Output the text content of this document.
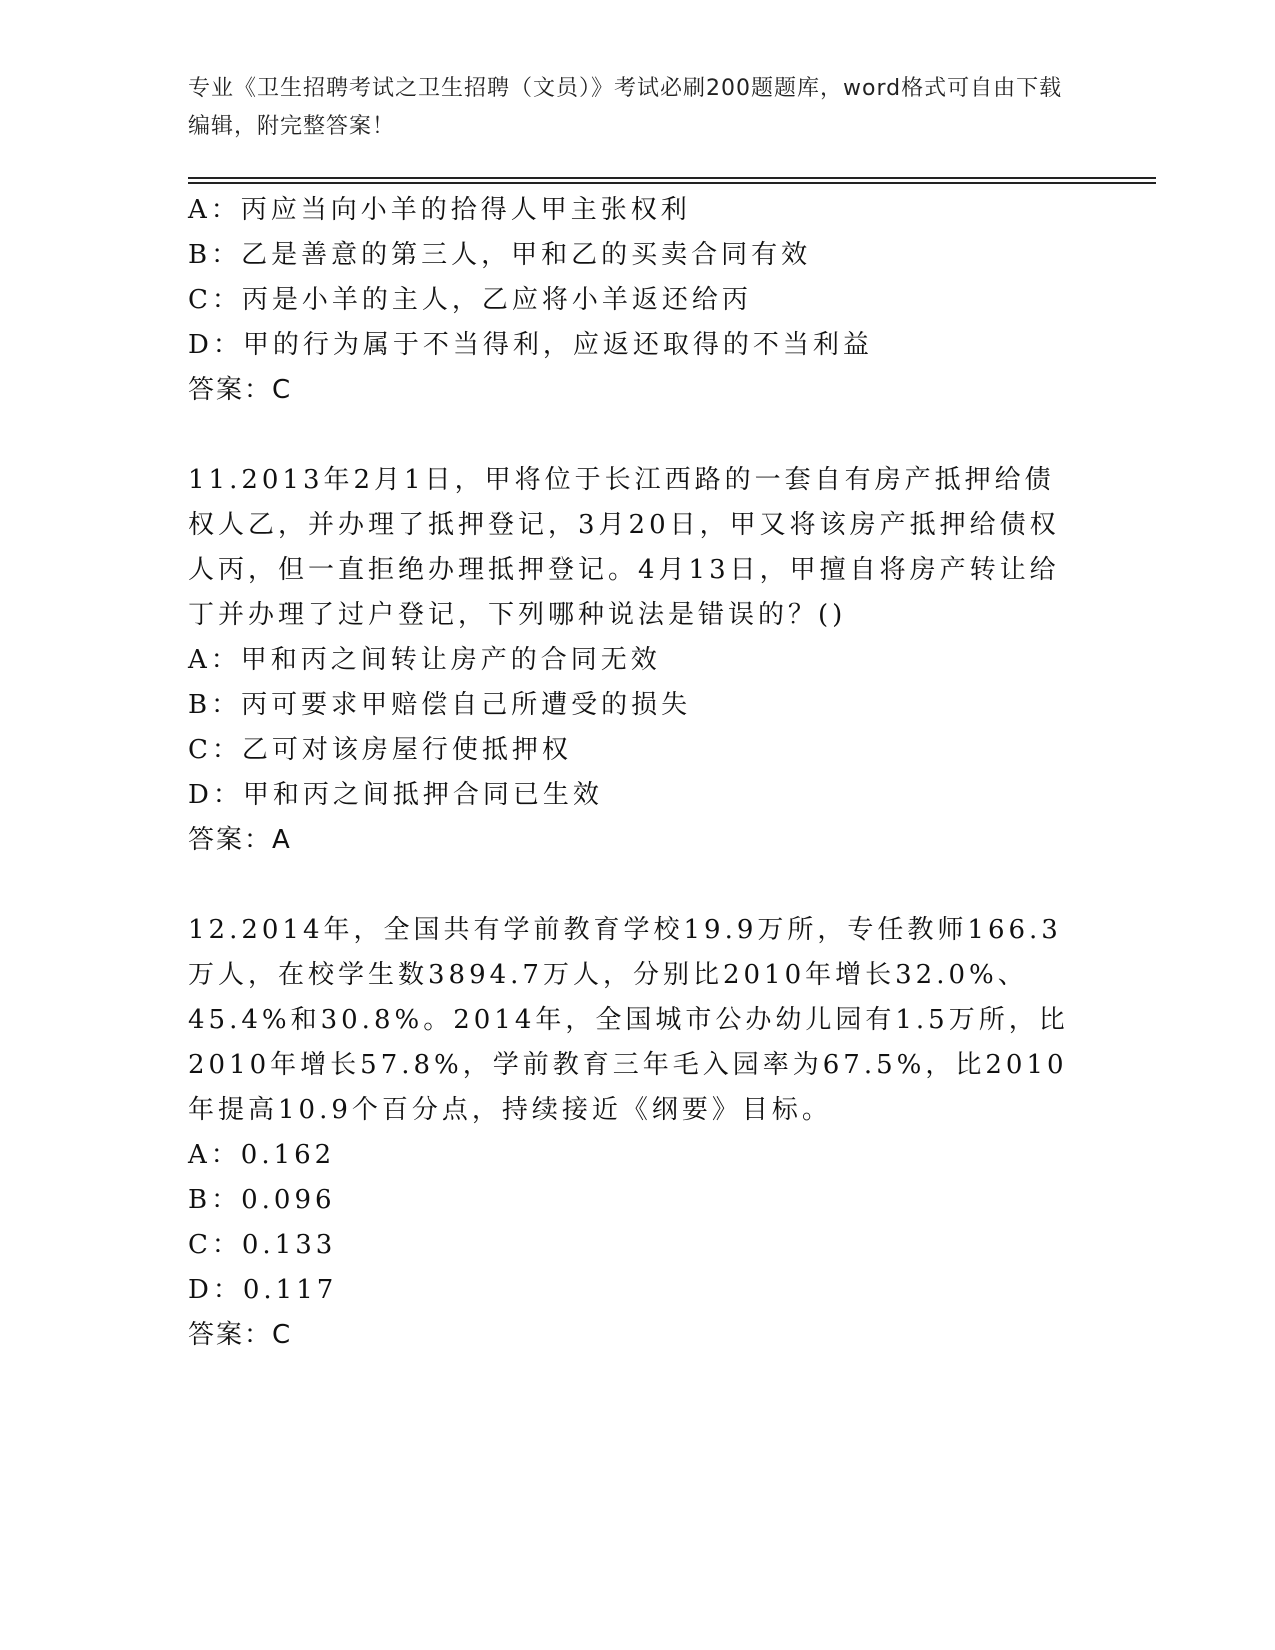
专业《卫生招聘考试之卫生招聘（文员）》考试必刷200题题库，word格式可自由下载编辑，附完整答案！
A：丙应当向小羊的拾得人甲主张权利
B：乙是善意的第三人，甲和乙的买卖合同有效
C：丙是小羊的主人，乙应将小羊返还给丙
D：甲的行为属于不当得利，应返还取得的不当利益
答案：C
11.2013年2月1日，甲将位于长江西路的一套自有房产抵押给债权人乙，并办理了抵押登记，3月20日，甲又将该房产抵押给债权人丙，但一直拒绝办理抵押登记。4月13日，甲擅自将房产转让给丁并办理了过户登记，下列哪种说法是错误的？()
A：甲和丙之间转让房产的合同无效
B：丙可要求甲赔偿自己所遭受的损失
C：乙可对该房屋行使抵押权
D：甲和丙之间抵押合同已生效
答案：A
12.2014年，全国共有学前教育学校19.9万所，专任教师166.3万人，在校学生数3894.7万人，分别比2010年增长32.0%、45.4%和30.8%。2014年，全国城市公办幼儿园有1.5万所，比2010年增长57.8%，学前教育三年毛入园率为67.5%，比2010年提高10.9个百分点，持续接近《纲要》目标。
A：0.162
B：0.096
C：0.133
D：0.117
答案：C
